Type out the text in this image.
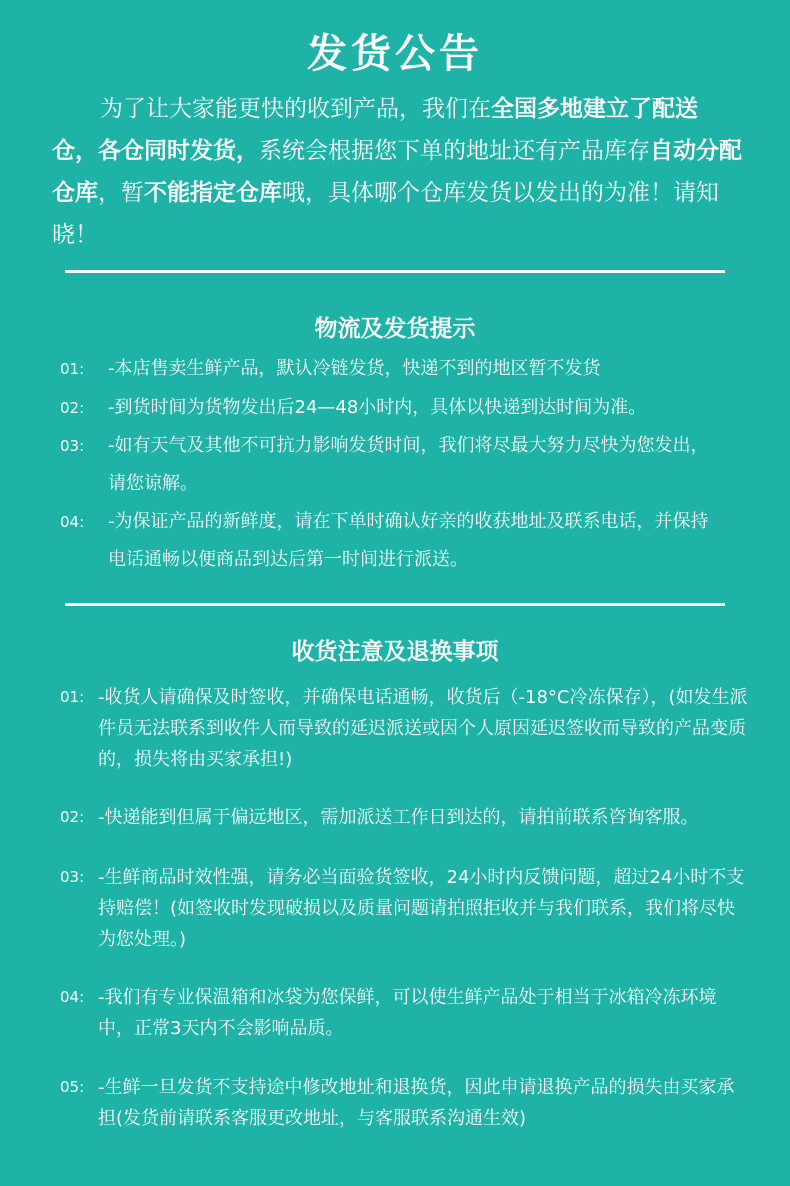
发货公告
为了让大家能更快的收到产品，我们在全国多地建立了配送仓，各仓同时发货，系统会根据您下单的地址还有产品库存自动分配仓库，暂不能指定仓库哦，具体哪个仓库发货以发出的为准！请知晓！
物流及发货提示
01: -本店售卖生鲜产品，默认冷链发货，快递不到的地区暂不发货
02: -到货时间为货物发出后24—48小时内，具体以快递到达时间为准。
03: -如有天气及其他不可抗力影响发货时间，我们将尽最大努力尽快为您发出，请您谅解。
04: -为保证产品的新鲜度，请在下单时确认好亲的收获地址及联系电话，并保持电话通畅以便商品到达后第一时间进行派送。
收货注意及退换事项
01: -收货人请确保及时签收，并确保电话通畅，收货后（-18°C冷冻保存），(如发生派件员无法联系到收件人而导致的延迟派送或因个人原因延迟签收而导致的产品变质的，损失将由买家承担!)
02: -快递能到但属于偏远地区，需加派送工作日到达的，请拍前联系咨询客服。
03: -生鲜商品时效性强，请务必当面验货签收，24小时内反馈问题，超过24小时不支持赔偿！(如签收时发现破损以及质量问题请拍照拒收并与我们联系，我们将尽快为您处理。)
04: -我们有专业保温箱和冰袋为您保鲜，可以使生鲜产品处于相当于冰箱冷冻环境中，正常3天内不会影响品质。
05: -生鲜一旦发货不支持途中修改地址和退换货，因此申请退换产品的损失由买家承担(发货前请联系客服更改地址，与客服联系沟通生效)
